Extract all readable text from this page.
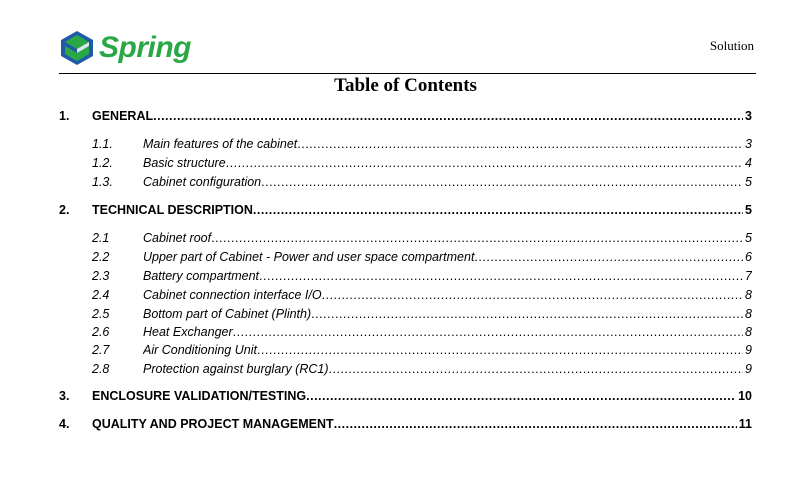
Spring	Solution
Table of Contents
1. GENERAL .....	3
1.1. Main features of the cabinet .....	3
1.2. Basic structure .....	4
1.3. Cabinet configuration .....	5
2. TECHNICAL DESCRIPTION .....	5
2.1	Cabinet roof .....	5
2.2	Upper part of Cabinet - Power and user space compartment .....	6
2.3	Battery compartment .....	7
2.4	Cabinet connection interface I/O .....	8
2.5	Bottom part of Cabinet (Plinth) .....	8
2.6	Heat Exchanger .....	8
2.7	Air Conditioning Unit .....	9
2.8	Protection against burglary (RC1) .....	9
3. ENCLOSURE VALIDATION/TESTING .....	10
4. QUALITY AND PROJECT MANAGEMENT .....	11
